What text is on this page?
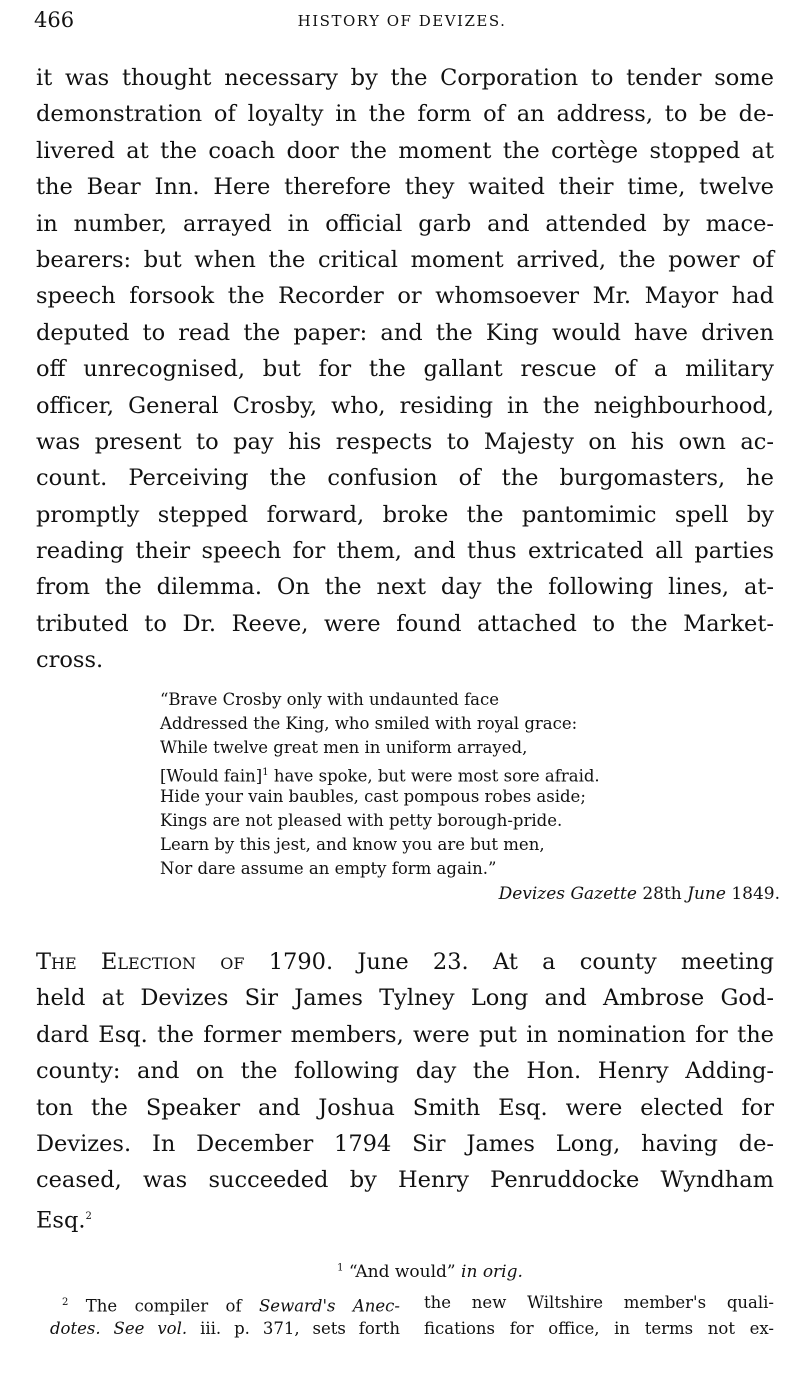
466	HISTORY OF DEVIZES.
it was thought necessary by the Corporation to tender some
demonstration of loyalty in the form of an address, to be de-
livered at the coach door the moment the cortège stopped at
the Bear Inn. Here therefore they waited their time, twelve
in number, arrayed in official garb and attended by mace-
bearers: but when the critical moment arrived, the power of
speech forsook the Recorder or whomsoever Mr. Mayor had
deputed to read the paper: and the King would have driven
off unrecognised, but for the gallant rescue of a military
officer, General Crosby, who, residing in the neighbourhood,
was present to pay his respects to Majesty on his own ac-
count. Perceiving the confusion of the burgomasters, he
promptly stepped forward, broke the pantomimic spell by
reading their speech for them, and thus extricated all parties
from the dilemma. On the next day the following lines, at-
tributed to Dr. Reeve, were found attached to the Market-
cross.
“Brave Crosby only with undaunted face
Addressed the King, who smiled with royal grace:
While twelve great men in uniform arrayed,
[Would fain]$^1$ have spoke, but were most sore afraid.
Hide your vain baubles, cast pompous robes aside;
Kings are not pleased with petty borough-pride.
Learn by this jest, and know you are but men,
Nor dare assume an empty form again.”
Devizes Gazette 28th June 1849.
The Election of 1790. June 23. At a county meeting
held at Devizes Sir James Tylney Long and Ambrose God-
dard Esq. the former members, were put in nomination for the
county: and on the following day the Hon. Henry Adding-
ton the Speaker and Joshua Smith Esq. were elected for
Devizes. In December 1794 Sir James Long, having de-
ceased, was succeeded by Henry Penruddocke Wyndham
Esq.$^2$
$^1$ “And would” in orig.
$^2$ The compiler of Seward's Anec-
dotes. See vol. iii. p. 371, sets forth
the new Wiltshire member's quali-
fications for office, in terms not ex-
